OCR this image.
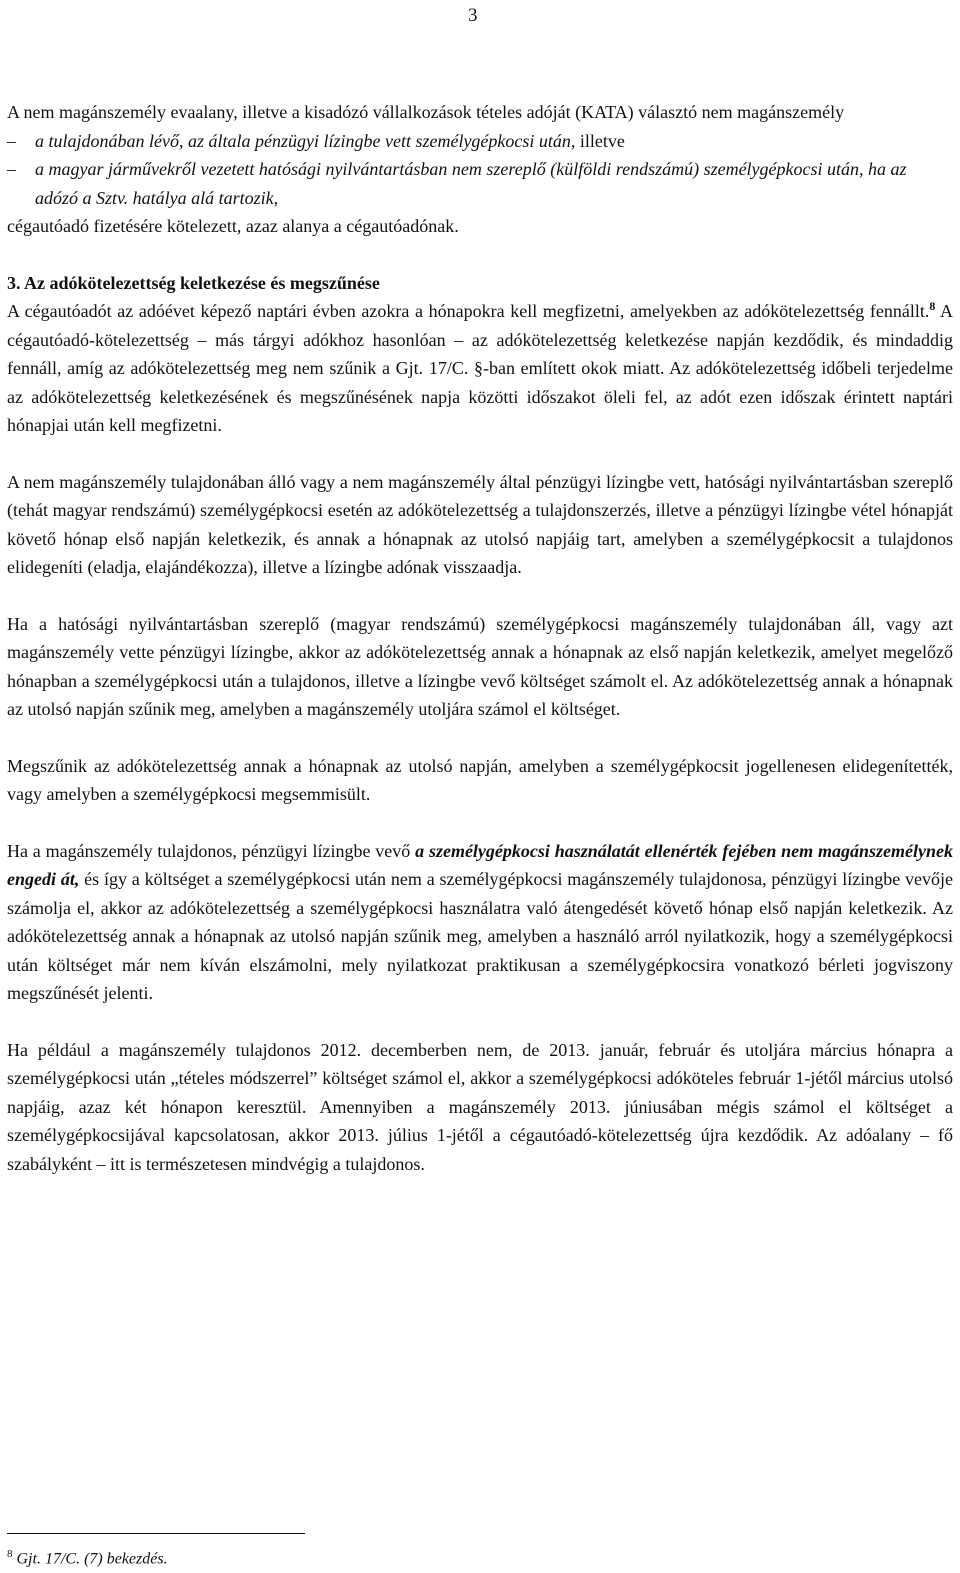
3

A nem magánszemély evaalany, illetve a kisadózó vállalkozások tételes adóját (KATA) választó nem magánszemély

– a tulajdonában lévő, az általa pénzügyi lízingbe vett személygépkocsi után, illetve
– a magyar járművekről vezetett hatósági nyilvántartásban nem szereplő (külföldi rendszámú) személygépkocsi után, ha az adózó a Sztv. hatálya alá tartozik,

cégautóadó fizetésére kötelezett, azaz alanya a cégautóadónak.

3. Az adókötelezettség keletkezése és megszűnése

A cégautóadót az adóévet képező naptári évben azokra a hónapokra kell megfizetni, amelyekben az adókötelezettség fennállt.$^8$ A cégautóadó-kötelezettség – más tárgyi adókhoz hasonlóan – az adókötelezettség keletkezése napján kezdődik, és mindaddig fennáll, amíg az adókötelezettség meg nem szűnik a Gjt. 17/C. §-ban említett okok miatt. Az adókötelezettség időbeli terjedelme az adókötelezettség keletkezésének és megszűnésének napja közötti időszakot öleli fel, az adót ezen időszak érintett naptári hónapjai után kell megfizetni.

A nem magánszemély tulajdonában álló vagy a nem magánszemély által pénzügyi lízingbe vett, hatósági nyilvántartásban szereplő (tehát magyar rendszámú) személygépkocsi esetén az adókötelezettség a tulajdonszerzés, illetve a pénzügyi lízingbe vétel hónapját követő hónap első napján keletkezik, és annak a hónapnak az utolsó napjáig tart, amelyben a személygépkocsit a tulajdonos elidegeníti (eladja, elajándékozza), illetve a lízingbe adónak visszaadja.

Ha a hatósági nyilvántartásban szereplő (magyar rendszámú) személygépkocsi magánszemély tulajdonában áll, vagy azt magánszemély vette pénzügyi lízingbe, akkor az adókötelezettség annak a hónapnak az első napján keletkezik, amelyet megelőző hónapban a személygépkocsi után a tulajdonos, illetve a lízingbe vevő költséget számolt el. Az adókötelezettség annak a hónapnak az utolsó napján szűnik meg, amelyben a magánszemély utoljára számol el költséget.

Megszűnik az adókötelezettség annak a hónapnak az utolsó napján, amelyben a személygépkocsit jogellenesen elidegenítették, vagy amelyben a személygépkocsi megsemmisült.

Ha a magánszemély tulajdonos, pénzügyi lízingbe vevő a személygépkocsi használatát ellenérték fejében nem magánszemélynek engedi át, és így a költséget a személygépkocsi után nem a személygépkocsi magánszemély tulajdonosa, pénzügyi lízingbe vevője számolja el, akkor az adókötelezettség a személygépkocsi használatra való átengedését követő hónap első napján keletkezik. Az adókötelezettség annak a hónapnak az utolsó napján szűnik meg, amelyben a használó arról nyilatkozik, hogy a személygépkocsi után költséget már nem kíván elszámolni, mely nyilatkozat praktikusan a személygépkocsira vonatkozó bérleti jogviszony megszűnését jelenti.

Ha például a magánszemély tulajdonos 2012. decemberben nem, de 2013. január, február és utoljára március hónapra a személygépkocsi után „tételes módszerrel” költséget számol el, akkor a személygépkocsi adóköteles február 1-jétől március utolsó napjáig, azaz két hónapon keresztül. Amennyiben a magánszemély 2013. júniusában mégis számol el költséget a személygépkocsijával kapcsolatosan, akkor 2013. július 1-jétől a cégautóadó-kötelezettség újra kezdődik. Az adóalany – fő szabályként – itt is természetesen mindvégig a tulajdonos.

$^8$ Gjt. 17/C. (7) bekezdés.
